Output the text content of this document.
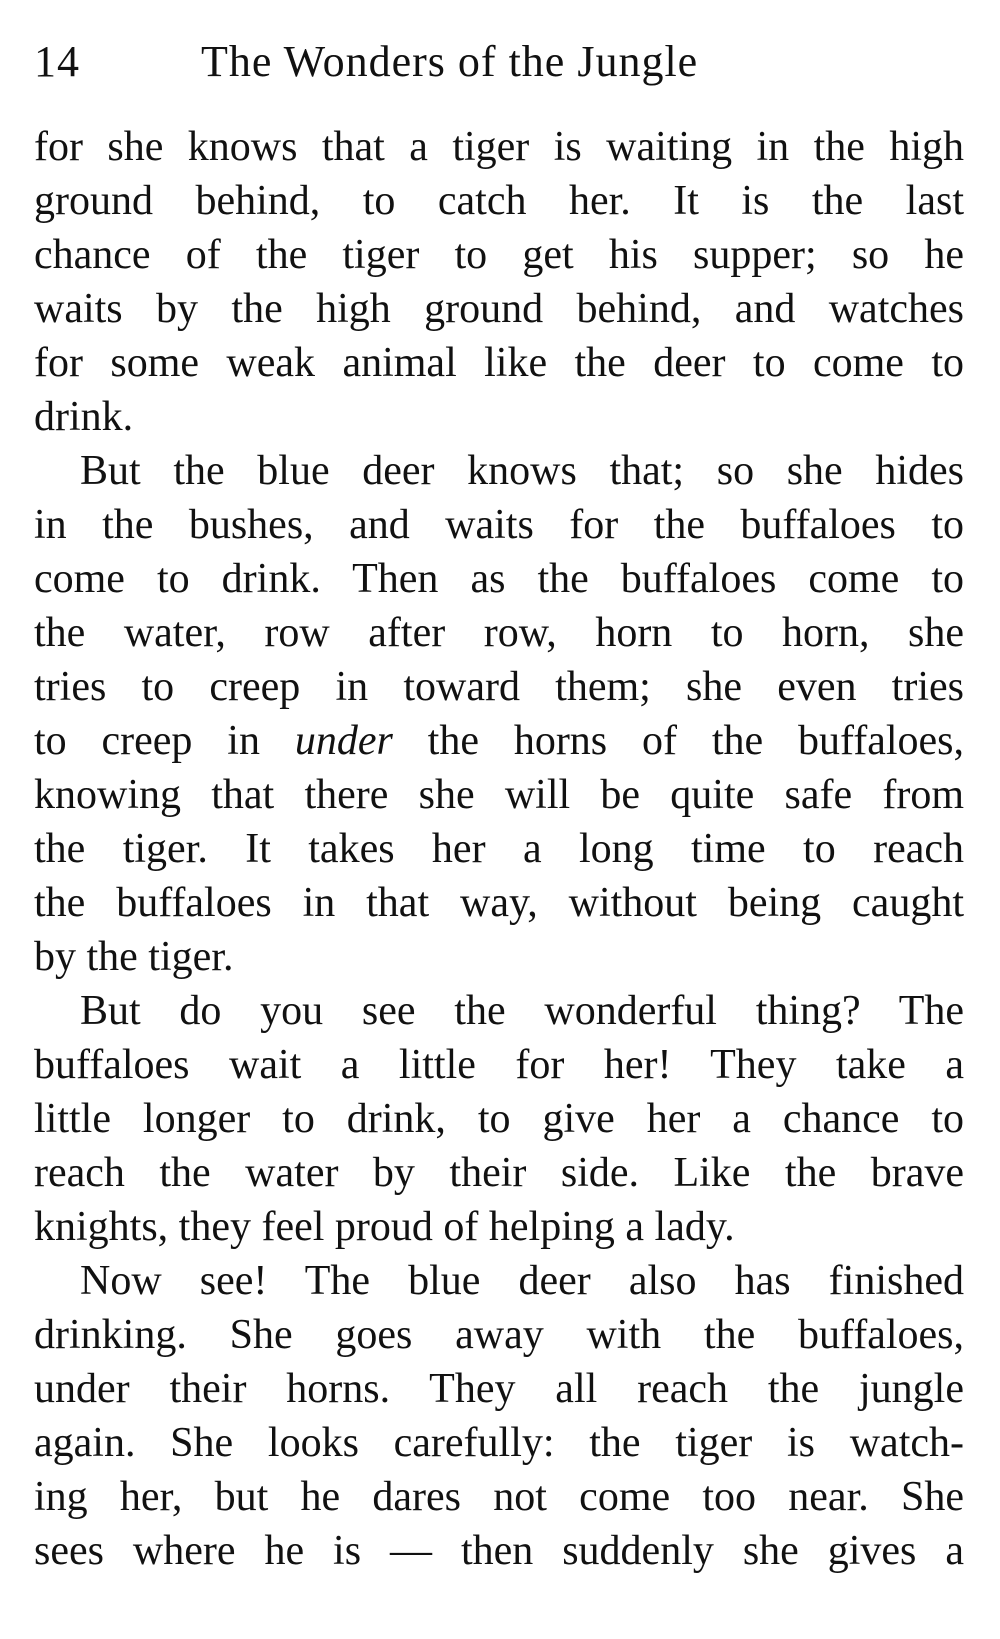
14	The Wonders of the Jungle

for she knows that a tiger is waiting in the high
ground behind, to catch her. It is the last
chance of the tiger to get his supper; so he
waits by the high ground behind, and watches
for some weak animal like the deer to come to
drink.

But the blue deer knows that; so she hides
in the bushes, and waits for the buffaloes to
come to drink. Then as the buffaloes come to
the water, row after row, horn to horn, she
tries to creep in toward them; she even tries
to creep in under the horns of the buffaloes,
knowing that there she will be quite safe from
the tiger. It takes her a long time to reach
the buffaloes in that way, without being caught
by the tiger.

But do you see the wonderful thing? The
buffaloes wait a little for her! They take a
little longer to drink, to give her a chance to
reach the water by their side. Like the brave
knights, they feel proud of helping a lady.

Now see! The blue deer also has finished
drinking. She goes away with the buffaloes,
under their horns. They all reach the jungle
again. She looks carefully: the tiger is watch-
ing her, but he dares not come too near. She
sees where he is — then suddenly she gives a
